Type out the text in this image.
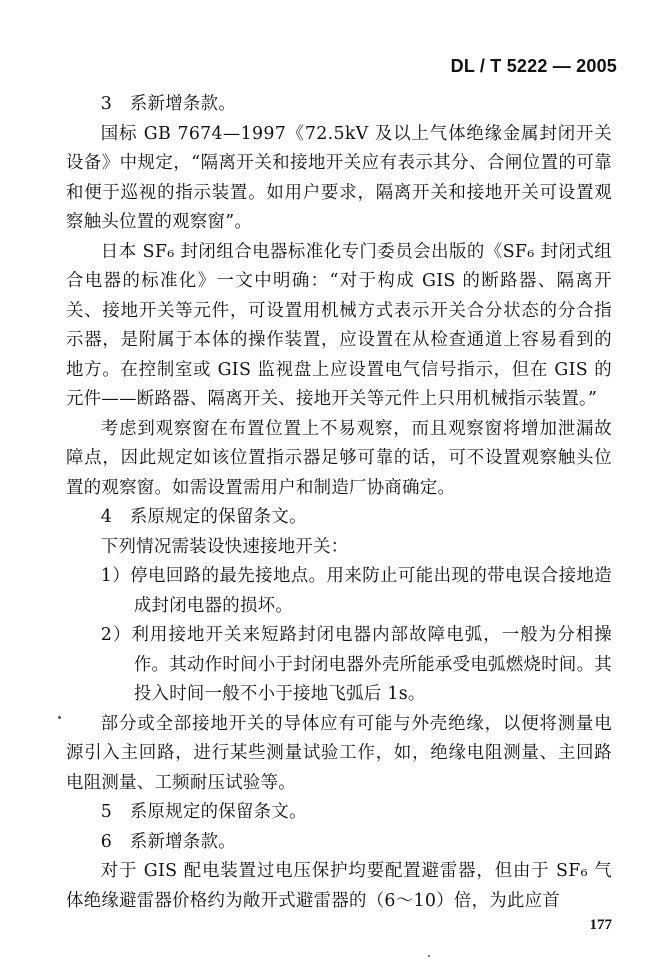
DL / T 5222 — 2005

3　系新增条款。

国标 GB 7674—1997《72.5kV 及以上气体绝缘金属封闭开关设备》中规定，“隔离开关和接地开关应有表示其分、合闸位置的可靠和便于巡视的指示装置。如用户要求，隔离开关和接地开关可设置观察触头位置的观察窗”。

日本 SF₆ 封闭组合电器标准化专门委员会出版的《SF₆ 封闭式组合电器的标准化》一文中明确：“对于构成 GIS 的断路器、隔离开关、接地开关等元件，可设置用机械方式表示开关合分状态的分合指示器，是附属于本体的操作装置，应设置在从检查通道上容易看到的地方。在控制室或 GIS 监视盘上应设置电气信号指示，但在 GIS 的元件——断路器、隔离开关、接地开关等元件上只用机械指示装置。”

考虑到观察窗在布置位置上不易观察，而且观察窗将增加泄漏故障点，因此规定如该位置指示器足够可靠的话，可不设置观察触头位置的观察窗。如需设置需用户和制造厂协商确定。

4　系原规定的保留条文。

下列情况需装设快速接地开关：

1）停电回路的最先接地点。用来防止可能出现的带电误合接地造成封闭电器的损坏。

2）利用接地开关来短路封闭电器内部故障电弧，一般为分相操作。其动作时间小于封闭电器外壳所能承受电弧燃烧时间。其投入时间一般不小于接地飞弧后 1s。

部分或全部接地开关的导体应有可能与外壳绝缘，以便将测量电源引入主回路，进行某些测量试验工作，如，绝缘电阻测量、主回路电阻测量、工频耐压试验等。

5　系原规定的保留条文。

6　系新增条款。

对于 GIS 配电装置过电压保护均要配置避雷器，但由于 SF₆ 气体绝缘避雷器价格约为敞开式避雷器的（6～10）倍，为此应首

177
